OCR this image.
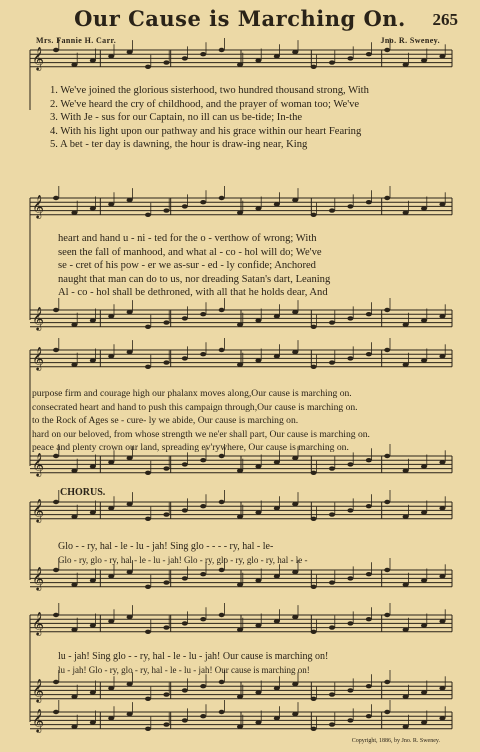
Our Cause is Marching On.	265
Mrs. Fannie H. Carr.	Jno. R. Sweney.
𝄞
𝄞
𝄞
𝄞
𝄞
𝄞
𝄞
𝄞
𝄞
𝄞
1. We've joined the glorious sisterhood, two hundred thousand strong, With
2. We've heard the cry of childhood, and the prayer of woman too; We've
3. With Je - sus for our Captain, no ill can us be-tide; In-the
4. With his light upon our pathway and his grace within our heart Fearing
5. A bet - ter day is dawning, the hour is draw-ing near, King
heart and hand u - ni - ted for the o - verthow of wrong; With
seen the fall of manhood, and what al - co - hol will do; We've
se - cret of his pow - er we as-sur - ed - ly confide; Anchored
naught that man can do to us, nor dreading Satan's dart, Leaning
Al - co - hol shall be dethroned, with all that he holds dear, And
purpose firm and courage high our phalanx moves along,Our cause is marching on.
consecrated heart and hand to push this campaign through,Our cause is marching on.
to the Rock of Ages se - cure- ly we abide, Our cause is marching on.
hard on our beloved, from whose strength we ne'er shall part, Our cause is marching on.
peace and plenty crown our land, spreading ev'rywhere, Our cause is marching on.
CHORUS.
Glo - - ry, hal - le - lu - jah! Sing glo - - - - ry, hal - le-
Glo - ry, glo - ry, hal - le - lu - jah! Glo - ry, glo - ry, glo - ry, hal - le -
lu - jah! Sing glo - - ry, hal - le - lu - jah! Our cause is marching on!
lu - jah! Glo - ry, glo - ry, hal - le - lu - jah! Our cause is marching on!
Copyright, 1886, by Jno. R. Sweney.
